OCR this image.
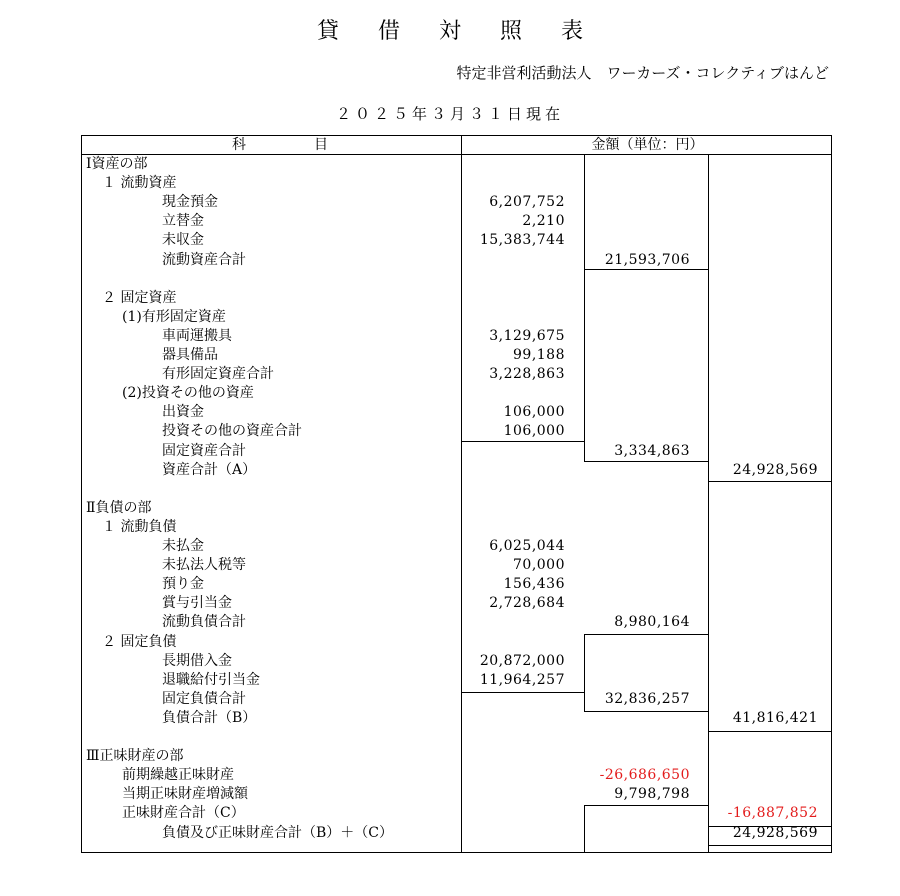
貸 借 対 照 表
特定非営利活動法人　ワーカーズ・コレクティブはんど
２０２５年３月３１日現在
科	目	金額（単位：円）
Ⅰ資産の部
１ 流動資産
現金預金	6,207,752
立替金	2,210
未収金	15,383,744
流動資産合計	21,593,706
２ 固定資産
(1)有形固定資産
車両運搬具	3,129,675
器具備品	99,188
有形固定資産合計	3,228,863
(2)投資その他の資産
出資金	106,000
投資その他の資産合計	106,000
固定資産合計	3,334,863
資産合計（A）	24,928,569
Ⅱ負債の部
１ 流動負債
未払金	6,025,044
未払法人税等	70,000
預り金	156,436
賞与引当金	2,728,684
流動負債合計	8,980,164
２ 固定負債
長期借入金	20,872,000
退職給付引当金	11,964,257
固定負債合計	32,836,257
負債合計（B）	41,816,421
Ⅲ正味財産の部
前期繰越正味財産	-26,686,650
当期正味財産増減額	9,798,798
正味財産合計（C）	-16,887,852
負債及び正味財産合計（B）＋（C）	24,928,569
